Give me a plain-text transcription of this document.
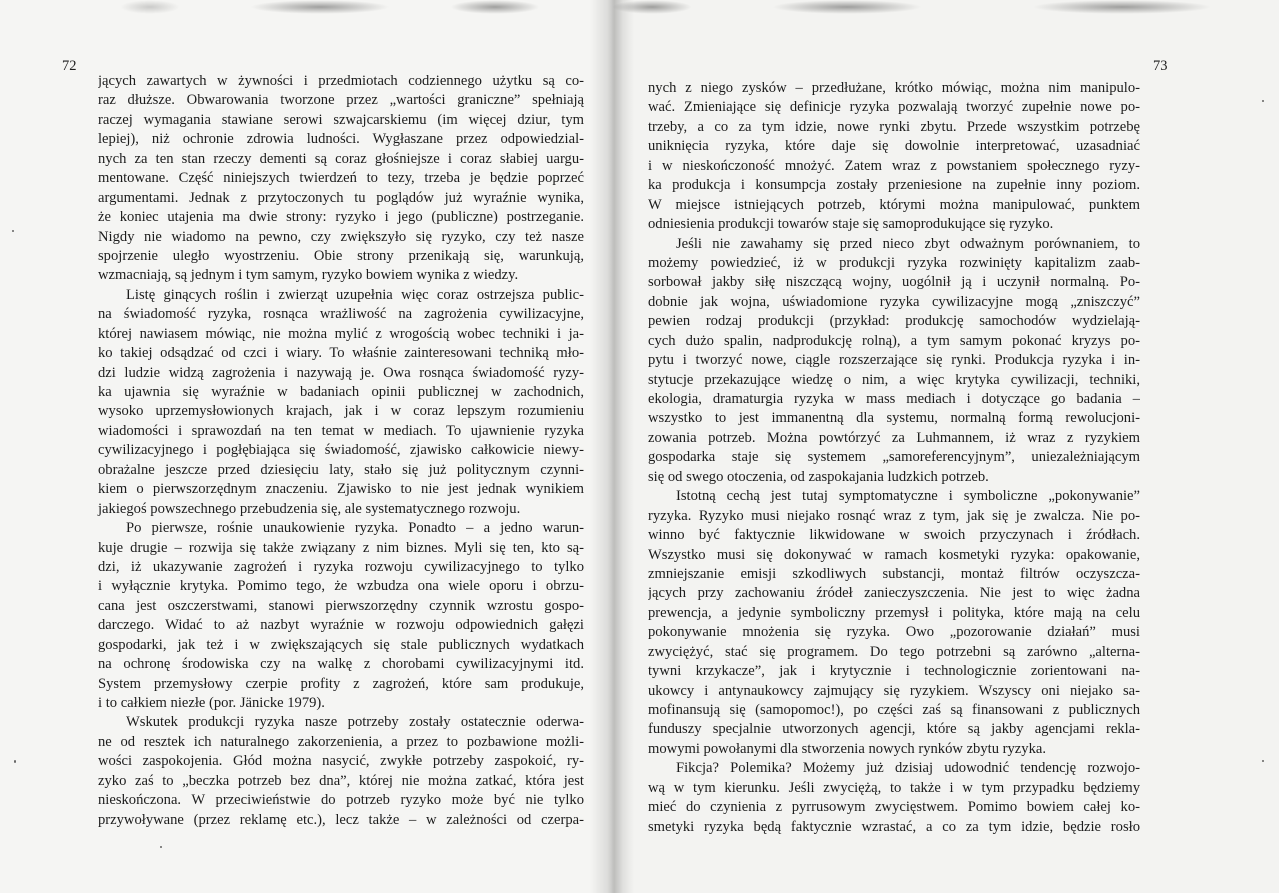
72
jących zawartych w żywności i przedmiotach codziennego użytku są co-
raz dłuższe. Obwarowania tworzone przez „wartości graniczne” spełniają
raczej wymagania stawiane serowi szwajcarskiemu (im więcej dziur, tym
lepiej), niż ochronie zdrowia ludności. Wygłaszane przez odpowiedzial-
nych za ten stan rzeczy dementi są coraz głośniejsze i coraz słabiej uargu-
mentowane. Część niniejszych twierdzeń to tezy, trzeba je będzie poprzeć
argumentami. Jednak z przytoczonych tu poglądów już wyraźnie wynika,
że koniec utajenia ma dwie strony: ryzyko i jego (publiczne) postrzeganie.
Nigdy nie wiadomo na pewno, czy zwiększyło się ryzyko, czy też nasze
spojrzenie uległo wyostrzeniu. Obie strony przenikają się, warunkują,
wzmacniają, są jednym i tym samym, ryzyko bowiem wynika z wiedzy.
Listę ginących roślin i zwierząt uzupełnia więc coraz ostrzejsza public-
na świadomość ryzyka, rosnąca wrażliwość na zagrożenia cywilizacyjne,
której nawiasem mówiąc, nie można mylić z wrogością wobec techniki i ja-
ko takiej odsądzać od czci i wiary. To właśnie zainteresowani techniką mło-
dzi ludzie widzą zagrożenia i nazywają je. Owa rosnąca świadomość ryzy-
ka ujawnia się wyraźnie w badaniach opinii publicznej w zachodnich,
wysoko uprzemysłowionych krajach, jak i w coraz lepszym rozumieniu
wiadomości i sprawozdań na ten temat w mediach. To ujawnienie ryzyka
cywilizacyjnego i pogłębiająca się świadomość, zjawisko całkowicie niewy-
obrażalne jeszcze przed dziesięciu laty, stało się już politycznym czynni-
kiem o pierwszorzędnym znaczeniu. Zjawisko to nie jest jednak wynikiem
jakiegoś powszechnego przebudzenia się, ale systematycznego rozwoju.
Po pierwsze, rośnie unaukowienie ryzyka. Ponadto – a jedno warun-
kuje drugie – rozwija się także związany z nim biznes. Myli się ten, kto są-
dzi, iż ukazywanie zagrożeń i ryzyka rozwoju cywilizacyjnego to tylko
i wyłącznie krytyka. Pomimo tego, że wzbudza ona wiele oporu i obrzu-
cana jest oszczerstwami, stanowi pierwszorzędny czynnik wzrostu gospo-
darczego. Widać to aż nazbyt wyraźnie w rozwoju odpowiednich gałęzi
gospodarki, jak też i w zwiększających się stale publicznych wydatkach
na ochronę środowiska czy na walkę z chorobami cywilizacyjnymi itd.
System przemysłowy czerpie profity z zagrożeń, które sam produkuje,
i to całkiem niezłe (por. Jänicke 1979).
Wskutek produkcji ryzyka nasze potrzeby zostały ostatecznie oderwa-
ne od resztek ich naturalnego zakorzenienia, a przez to pozbawione możli-
wości zaspokojenia. Głód można nasycić, zwykłe potrzeby zaspokoić, ry-
zyko zaś to „beczka potrzeb bez dna”, której nie można zatkać, która jest
nieskończona. W przeciwieństwie do potrzeb ryzyko może być nie tylko
przywoływane (przez reklamę etc.), lecz także – w zależności od czerpa-
73
nych z niego zysków – przedłużane, krótko mówiąc, można nim manipulo-
wać. Zmieniające się definicje ryzyka pozwalają tworzyć zupełnie nowe po-
trzeby, a co za tym idzie, nowe rynki zbytu. Przede wszystkim potrzebę
uniknięcia ryzyka, które daje się dowolnie interpretować, uzasadniać
i w nieskończoność mnożyć. Zatem wraz z powstaniem społecznego ryzy-
ka produkcja i konsumpcja zostały przeniesione na zupełnie inny poziom.
W miejsce istniejących potrzeb, którymi można manipulować, punktem
odniesienia produkcji towarów staje się samoprodukujące się ryzyko.
Jeśli nie zawahamy się przed nieco zbyt odważnym porównaniem, to
możemy powiedzieć, iż w produkcji ryzyka rozwinięty kapitalizm zaab-
sorbował jakby siłę niszczącą wojny, uogólnił ją i uczynił normalną. Po-
dobnie jak wojna, uświadomione ryzyka cywilizacyjne mogą „zniszczyć”
pewien rodzaj produkcji (przykład: produkcję samochodów wydzielają-
cych dużo spalin, nadprodukcję rolną), a tym samym pokonać kryzys po-
pytu i tworzyć nowe, ciągle rozszerzające się rynki. Produkcja ryzyka i in-
stytucje przekazujące wiedzę o nim, a więc krytyka cywilizacji, techniki,
ekologia, dramaturgia ryzyka w mass mediach i dotyczące go badania –
wszystko to jest immanentną dla systemu, normalną formą rewolucjoni-
zowania potrzeb. Można powtórzyć za Luhmannem, iż wraz z ryzykiem
gospodarka staje się systemem „samoreferencyjnym”, uniezależniającym
się od swego otoczenia, od zaspokajania ludzkich potrzeb.
Istotną cechą jest tutaj symptomatyczne i symboliczne „pokonywanie”
ryzyka. Ryzyko musi niejako rosnąć wraz z tym, jak się je zwalcza. Nie po-
winno być faktycznie likwidowane w swoich przyczynach i źródłach.
Wszystko musi się dokonywać w ramach kosmetyki ryzyka: opakowanie,
zmniejszanie emisji szkodliwych substancji, montaż filtrów oczyszcza-
jących przy zachowaniu źródeł zanieczyszczenia. Nie jest to więc żadna
prewencja, a jedynie symboliczny przemysł i polityka, które mają na celu
pokonywanie mnożenia się ryzyka. Owo „pozorowanie działań” musi
zwyciężyć, stać się programem. Do tego potrzebni są zarówno „alterna-
tywni krzykacze”, jak i krytycznie i technologicznie zorientowani na-
ukowcy i antynaukowcy zajmujący się ryzykiem. Wszyscy oni niejako sa-
mofinansują się (samopomoc!), po części zaś są finansowani z publicznych
funduszy specjalnie utworzonych agencji, które są jakby agencjami rekla-
mowymi powołanymi dla stworzenia nowych rynków zbytu ryzyka.
Fikcja? Polemika? Możemy już dzisiaj udowodnić tendencję rozwojo-
wą w tym kierunku. Jeśli zwyciężą, to także i w tym przypadku będziemy
mieć do czynienia z pyrrusowym zwycięstwem. Pomimo bowiem całej ko-
smetyki ryzyka będą faktycznie wzrastać, a co za tym idzie, będzie rosło
